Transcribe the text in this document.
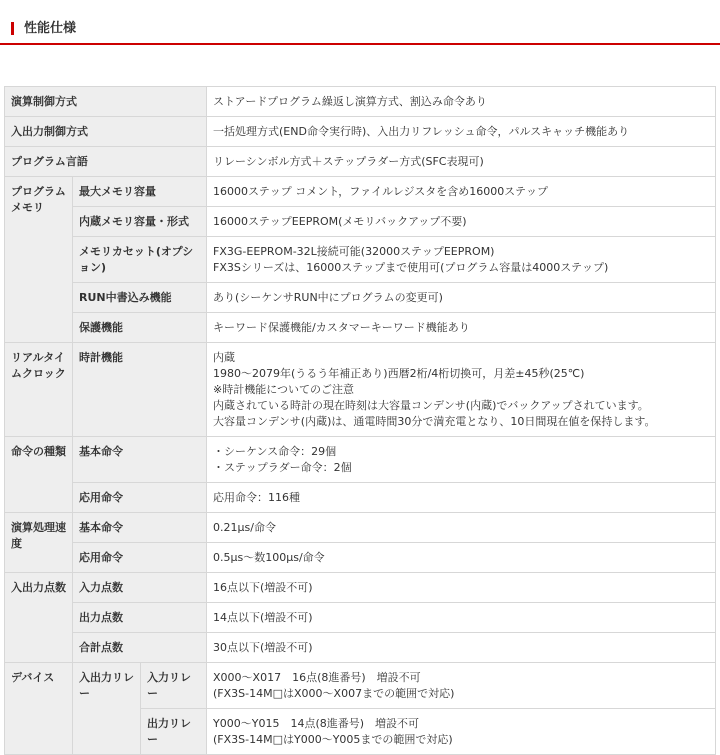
性能仕様
演算制御方式			ストアードプログラム繰返し演算方式、割込み命令あり
入出力制御方式			一括処理方式(END命令実行時)、入出力リフレッシュ命令，パルスキャッチ機能あり
プログラム言語			リレーシンボル方式＋ステップラダー方式(SFC表現可)
プログラムメモリ	最大メモリ容量		16000ステップ コメント，ファイルレジスタを含め16000ステップ
	内蔵メモリ容量・形式		16000ステップEEPROM(メモリバックアップ不要)
	メモリカセット(オプション)		FX3G-EEPROM-32L接続可能(32000ステップEEPROM)
FX3Sシリーズは、16000ステップまで使用可(プログラム容量は4000ステップ)

	RUN中書込み機能		あり(シーケンサRUN中にプログラムの変更可)
	保護機能		キーワード保護機能/カスタマーキーワード機能あり
リアルタイムクロック	時計機能		内蔵
1980～2079年(うるう年補正あり)西暦2桁/4桁切換可，月差±45秒(25℃)
※時計機能についてのご注意
内蔵されている時計の現在時刻は大容量コンデンサ(内蔵)でバックアップされています。
大容量コンデンサ(内蔵)は、通電時間30分で満充電となり、10日間現在値を保持します。

命令の種類	基本命令		・シーケンス命令：29個
・ステップラダー命令：2個

	応用命令		応用命令：116種
演算処理速度	基本命令		0.21μs/命令
	応用命令		0.5μs～数100μs/命令
入出力点数	入力点数		16点以下(増設不可)
	出力点数		14点以下(増設不可)
	合計点数		30点以下(増設不可)
デバイス	入出力リレー	入力リレー	X000～X017　16点(8進番号)　増設不可
(FX3S-14M□はX000～X007までの範囲で対応)

		出力リレー	Y000～Y015　14点(8進番号)　増設不可
(FX3S-14M□はY000～Y005までの範囲で対応)
